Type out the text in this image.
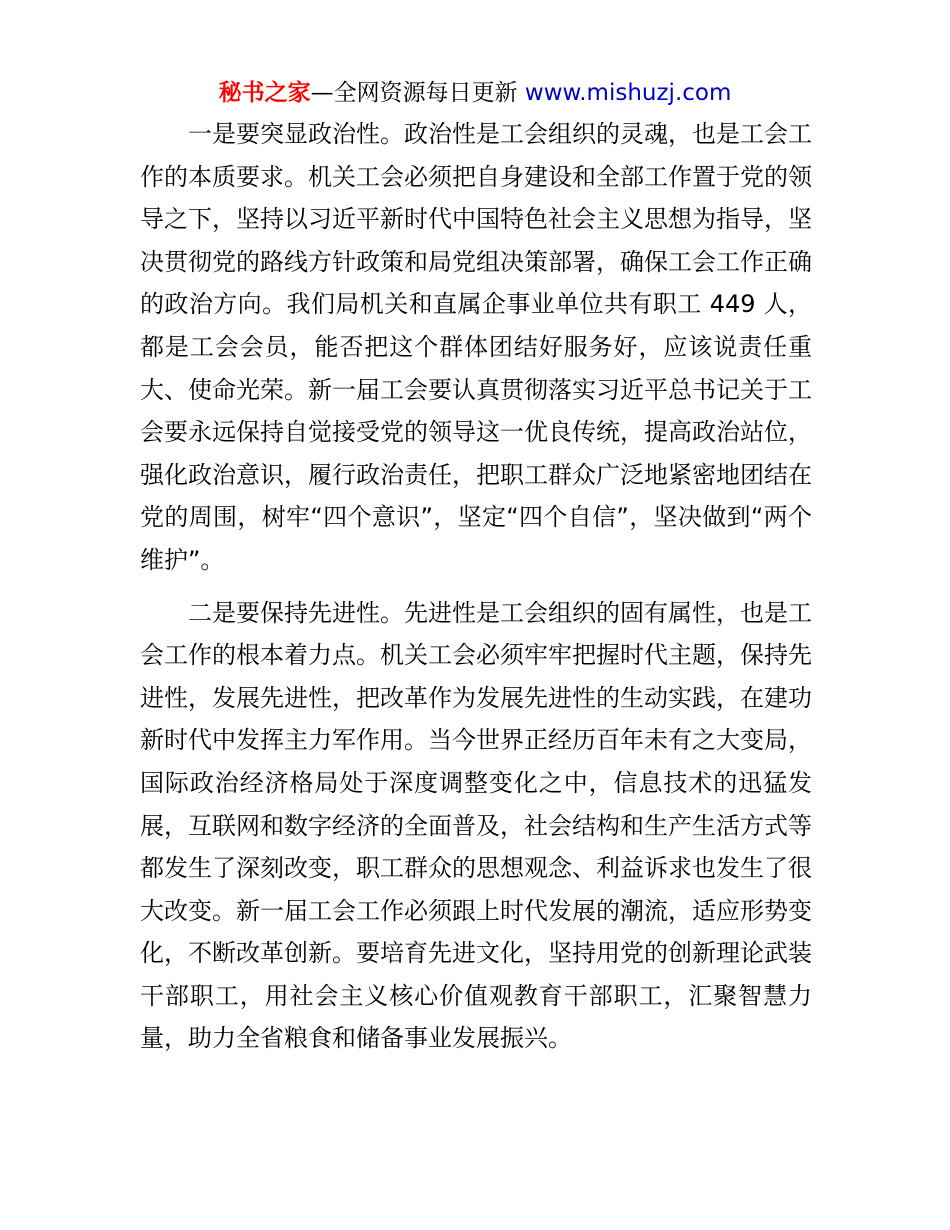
秘书之家—全网资源每日更新 www.mishuzj.com

一是要突显政治性。政治性是工会组织的灵魂，也是工会工作的本质要求。机关工会必须把自身建设和全部工作置于党的领导之下，坚持以习近平新时代中国特色社会主义思想为指导，坚决贯彻党的路线方针政策和局党组决策部署，确保工会工作正确的政治方向。我们局机关和直属企事业单位共有职工 449 人，都是工会会员，能否把这个群体团结好服务好，应该说责任重大、使命光荣。新一届工会要认真贯彻落实习近平总书记关于工会要永远保持自觉接受党的领导这一优良传统，提高政治站位，强化政治意识，履行政治责任，把职工群众广泛地紧密地团结在党的周围，树牢“四个意识”，坚定“四个自信”，坚决做到“两个维护”。

二是要保持先进性。先进性是工会组织的固有属性，也是工会工作的根本着力点。机关工会必须牢牢把握时代主题，保持先进性，发展先进性，把改革作为发展先进性的生动实践，在建功新时代中发挥主力军作用。当今世界正经历百年未有之大变局，国际政治经济格局处于深度调整变化之中，信息技术的迅猛发展，互联网和数字经济的全面普及，社会结构和生产生活方式等都发生了深刻改变，职工群众的思想观念、利益诉求也发生了很大改变。新一届工会工作必须跟上时代发展的潮流，适应形势变化，不断改革创新。要培育先进文化，坚持用党的创新理论武装干部职工，用社会主义核心价值观教育干部职工，汇聚智慧力量，助力全省粮食和储备事业发展振兴。
